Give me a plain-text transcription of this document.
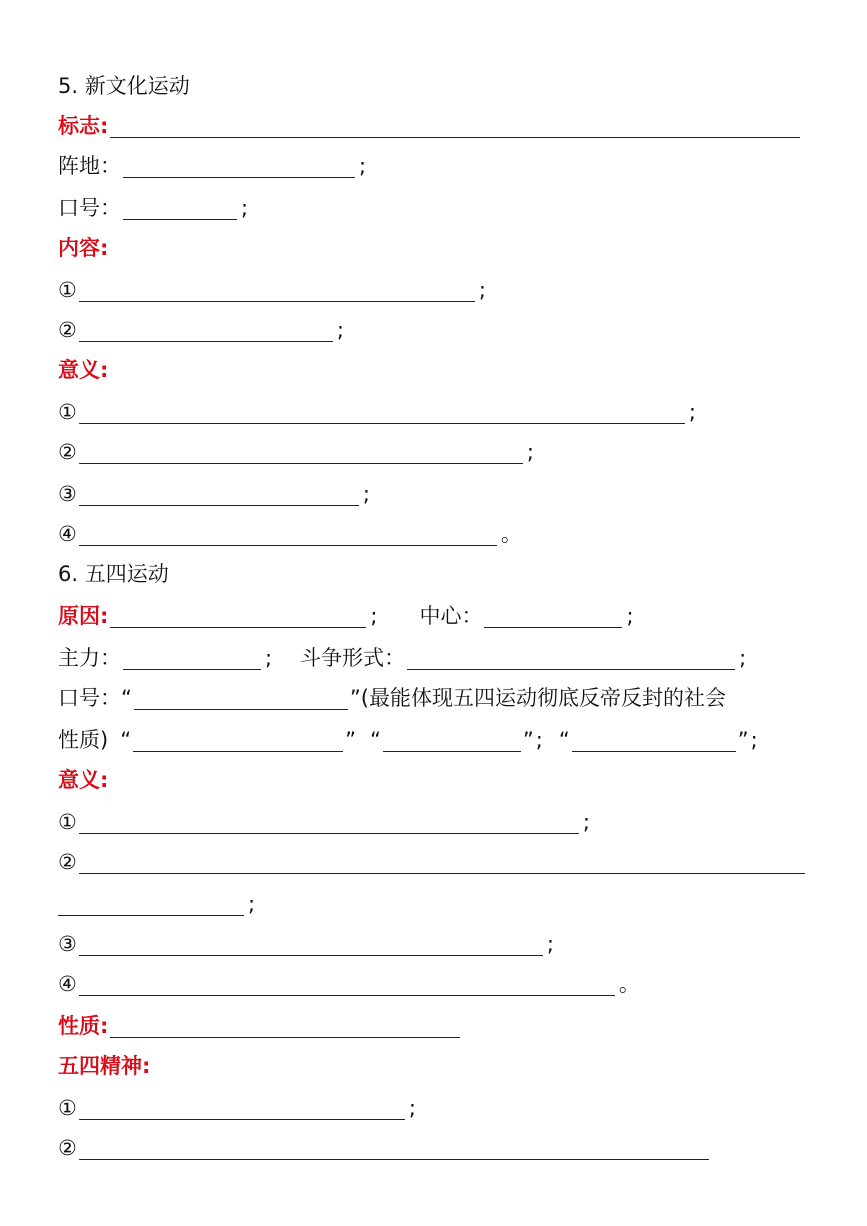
5. 新文化运动
标志:
阵地：	;
口号：	;
内容:
①	;
②	;
意义:
①	;
②	;
③	;
④	。
6. 五四运动
原因:	; 中心：	;
主力：	; 斗争形式：	;
口号： “	” (最能体现五四运动彻底反帝反封的社会
性质) “	” “	” ; “	” ;
意义:
①	;
②
;
③	;
④	。
性质:
五四精神:
①	;
②
